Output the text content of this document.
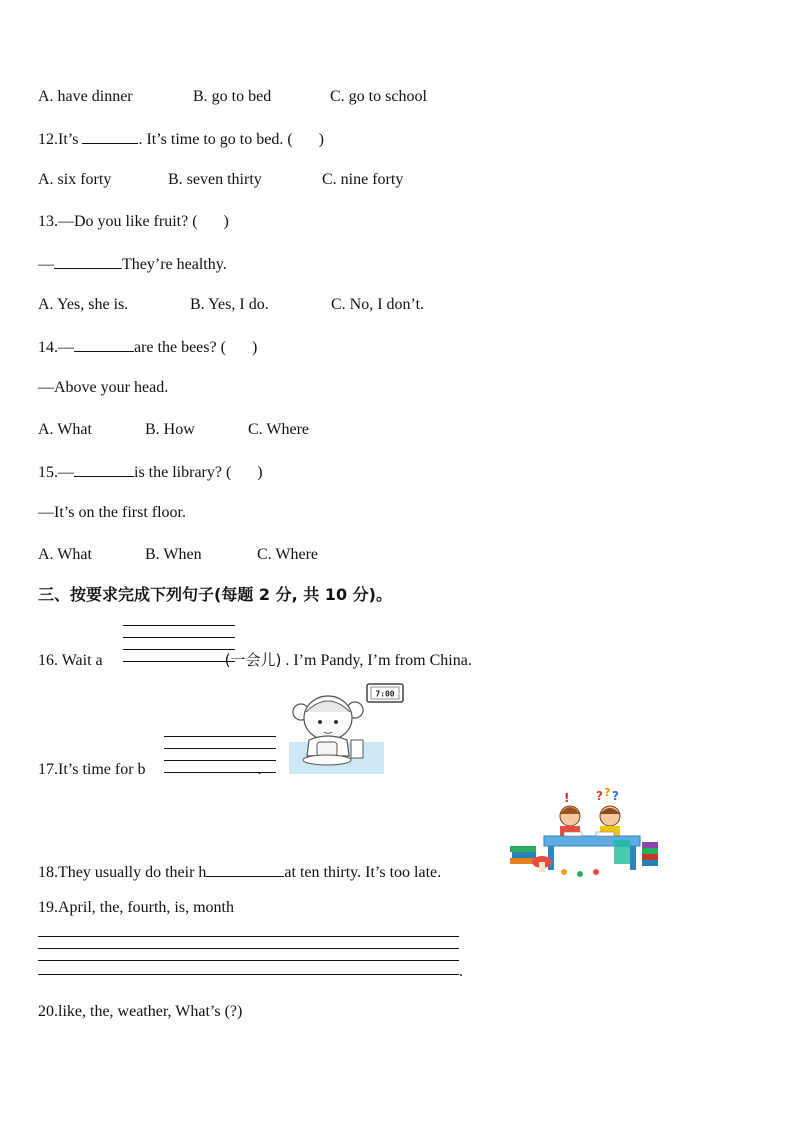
A. have dinner	B. go to bed	C. go to school
12.It’s	. It’s time to go to bed. ( )
A. six forty	B. seven thirty	C. nine forty
13.—Do you like fruit? ( )
—	They’re healthy.
A. Yes, she is.	B. Yes, I do.	C. No, I don’t.
14.—	are the bees? ( )
—Above your head.
A. What	B. How	C. Where
15.—	is the library? ( )
—It’s on the first floor.
A. What	B. When	C. Where
三、按要求完成下列句子(每题 2 分, 共 10 分)。
16. Wait a	(一会儿) . I’m Pandy, I’m from China.
17.It’s time for b	.
7:00
18.They usually do their h	at ten thirty. It’s too late.
? ? ?
!
19.April, the, fourth, is, month
.
20.like, the, weather, What’s (?)
